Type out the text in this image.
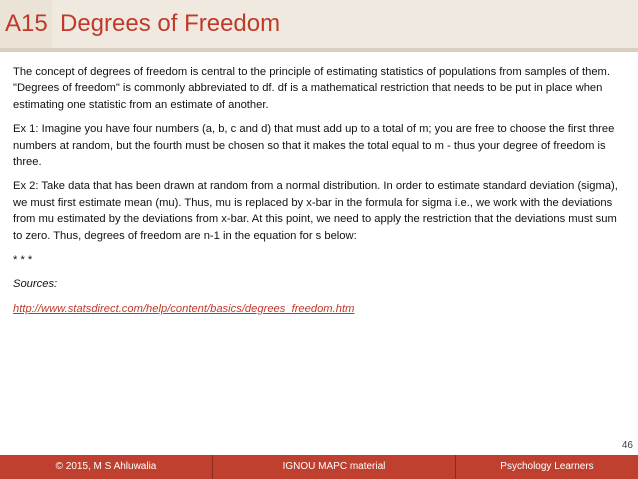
A15 Degrees of Freedom

The concept of degrees of freedom is central to the principle of estimating statistics of populations from samples of them. "Degrees of freedom" is commonly abbreviated to df. df is a mathematical restriction that needs to be put in place when estimating one statistic from an estimate of another.

Ex 1: Imagine you have four numbers (a, b, c and d) that must add up to a total of m; you are free to choose the first three numbers at random, but the fourth must be chosen so that it makes the total equal to m - thus your degree of freedom is three.

Ex 2: Take data that has been drawn at random from a normal distribution. In order to estimate standard deviation (sigma), we must first estimate mean (mu). Thus, mu is replaced by x-bar in the formula for sigma i.e., we work with the deviations from mu estimated by the deviations from x-bar. At this point, we need to apply the restriction that the deviations must sum to zero. Thus, degrees of freedom are n-1 in the equation for s below:

* * *

Sources:

http://www.statsdirect.com/help/content/basics/degrees_freedom.htm

46
© 2015, M S Ahluwalia	IGNOU MAPC material	Psychology Learners
